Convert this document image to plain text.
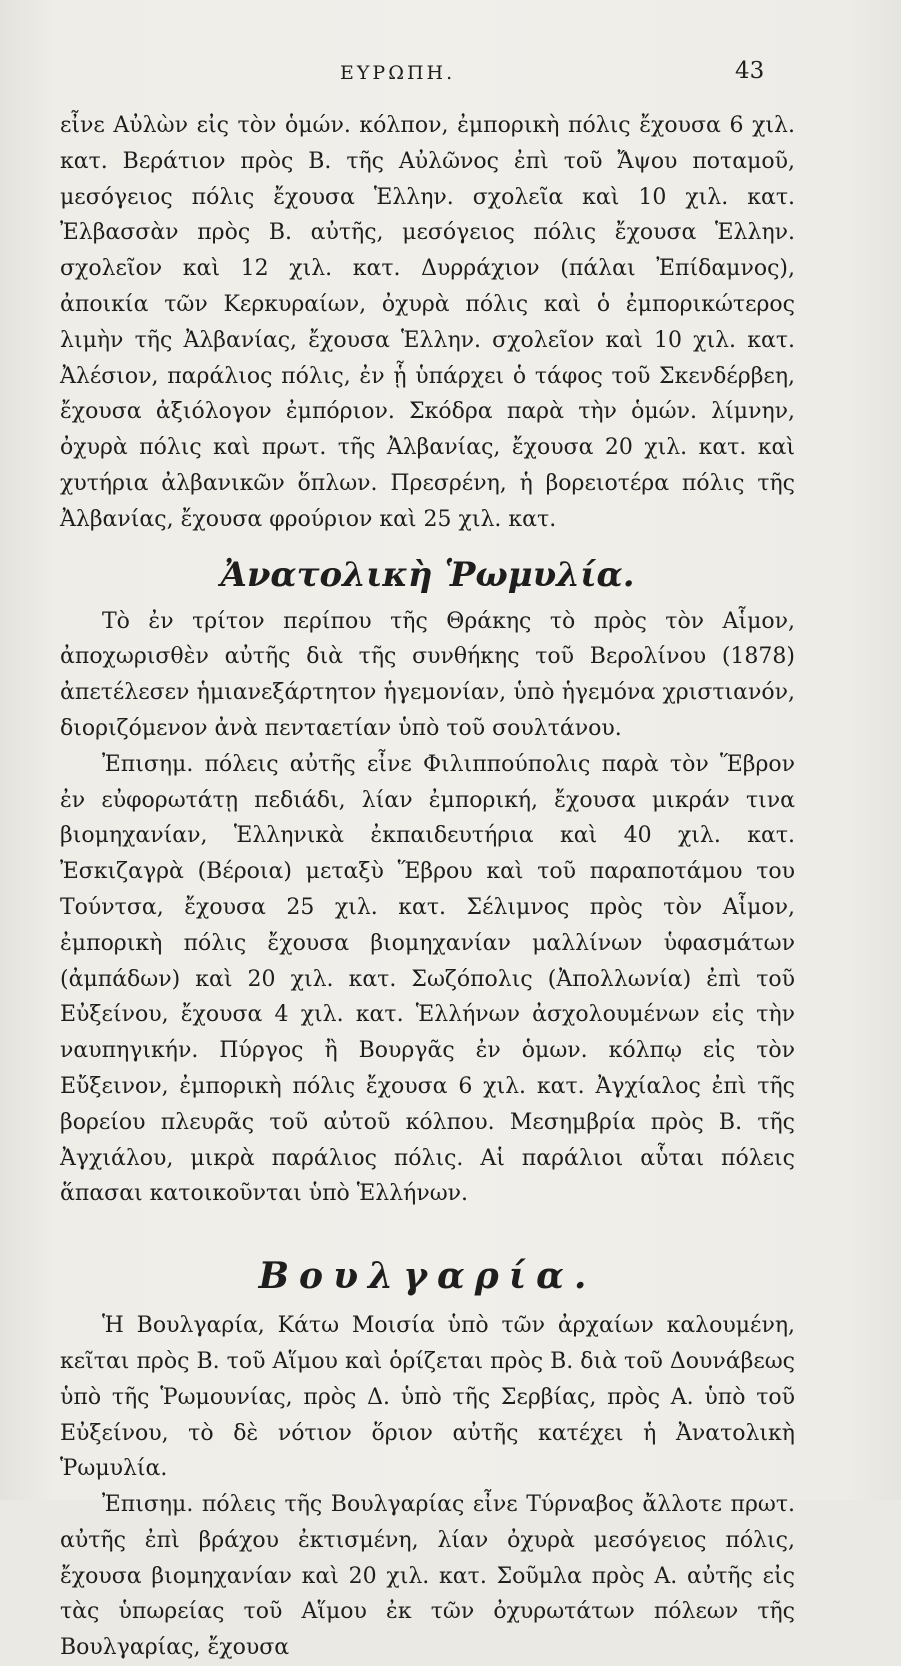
ΕΥΡΩΠΗ.	43

εἶνε Αὐλὼν εἰς τὸν ὁμών. κόλπον, ἐμπορικὴ πόλις ἔχουσα 6 χιλ. κατ. Βεράτιον πρὸς Β. τῆς Αὐλῶνος ἐπὶ τοῦ Ἄψου ποταμοῦ, μεσόγειος πόλις ἔχουσα Ἑλλην. σχολεῖα καὶ 10 χιλ. κατ. Ἐλβασσὰν πρὸς Β. αὐτῆς, μεσόγειος πόλις ἔχουσα Ἑλλην. σχολεῖον καὶ 12 χιλ. κατ. Δυρράχιον (πάλαι Ἐπίδαμνος), ἀποικία τῶν Κερκυραίων, ὀχυρὰ πόλις καὶ ὁ ἐμπορικώτερος λιμὴν τῆς Ἀλβανίας, ἔχουσα Ἑλλην. σχολεῖον καὶ 10 χιλ. κατ. Ἀλέσιον, παράλιος πόλις, ἐν ᾗ ὑπάρχει ὁ τάφος τοῦ Σκενδέρβεη, ἔχουσα ἀξιόλογον ἐμπόριον. Σκόδρα παρὰ τὴν ὁμών. λίμνην, ὀχυρὰ πόλις καὶ πρωτ. τῆς Ἀλβανίας, ἔχουσα 20 χιλ. κατ. καὶ χυτήρια ἀλβανικῶν ὅπλων. Πρεσρένη, ἡ βορειοτέρα πόλις τῆς Ἀλβανίας, ἔχουσα φρούριον καὶ 25 χιλ. κατ.

Ἀνατολικὴ Ῥωμυλία.

Τὸ ἐν τρίτον περίπου τῆς Θράκης τὸ πρὸς τὸν Αἷμον, ἀποχωρισθὲν αὐτῆς διὰ τῆς συνθήκης τοῦ Βερολίνου (1878) ἀπετέλεσεν ἡμιανεξάρτητον ἡγεμονίαν, ὑπὸ ἡγεμόνα χριστιανόν, διοριζόμενον ἀνὰ πενταετίαν ὑπὸ τοῦ σουλτάνου.

Ἐπισημ. πόλεις αὐτῆς εἶνε Φιλιππούπολις παρὰ τὸν Ἕβρον ἐν εὐφορωτάτῃ πεδιάδι, λίαν ἐμπορική, ἔχουσα μικράν τινα βιομηχανίαν, Ἑλληνικὰ ἐκπαιδευτήρια καὶ 40 χιλ. κατ. Ἐσκιζαγρὰ (Βέροια) μεταξὺ Ἕβρου καὶ τοῦ παραποτάμου του Τούντσα, ἔχουσα 25 χιλ. κατ. Σέλιμνος πρὸς τὸν Αἷμον, ἐμπορικὴ πόλις ἔχουσα βιομηχανίαν μαλλίνων ὑφασμάτων (ἀμπάδων) καὶ 20 χιλ. κατ. Σωζόπολις (Ἀπολλωνία) ἐπὶ τοῦ Εὐξείνου, ἔχουσα 4 χιλ. κατ. Ἑλλήνων ἀσχολουμένων εἰς τὴν ναυπηγικήν. Πύργος ἢ Βουργᾶς ἐν ὁμων. κόλπῳ εἰς τὸν Εὔξεινον, ἐμπορικὴ πόλις ἔχουσα 6 χιλ. κατ. Ἀγχίαλος ἐπὶ τῆς βορείου πλευρᾶς τοῦ αὐτοῦ κόλπου. Μεσημβρία πρὸς Β. τῆς Ἀγχιάλου, μικρὰ παράλιος πόλις. Αἱ παράλιοι αὗται πόλεις ἅπασαι κατοικοῦνται ὑπὸ Ἑλλήνων.

Βουλγαρία.

Ἡ Βουλγαρία, Κάτω Μοισία ὑπὸ τῶν ἀρχαίων καλουμένη, κεῖται πρὸς Β. τοῦ Αἵμου καὶ ὁρίζεται πρὸς Β. διὰ τοῦ Δουνάβεως ὑπὸ τῆς Ῥωμουνίας, πρὸς Δ. ὑπὸ τῆς Σερβίας, πρὸς Α. ὑπὸ τοῦ Εὐξείνου, τὸ δὲ νότιον ὅριον αὐτῆς κατέχει ἡ Ἀνατολικὴ Ῥωμυλία.

Ἐπισημ. πόλεις τῆς Βουλγαρίας εἶνε Τύρναβος ἄλλοτε πρωτ. αὐτῆς ἐπὶ βράχου ἐκτισμένη, λίαν ὀχυρὰ μεσόγειος πόλις, ἔχουσα βιομηχανίαν καὶ 20 χιλ. κατ. Σοῦμλα πρὸς Α. αὐτῆς εἰς τὰς ὑπωρείας τοῦ Αἵμου ἐκ τῶν ὀχυρωτάτων πόλεων τῆς Βουλγαρίας, ἔχουσα
